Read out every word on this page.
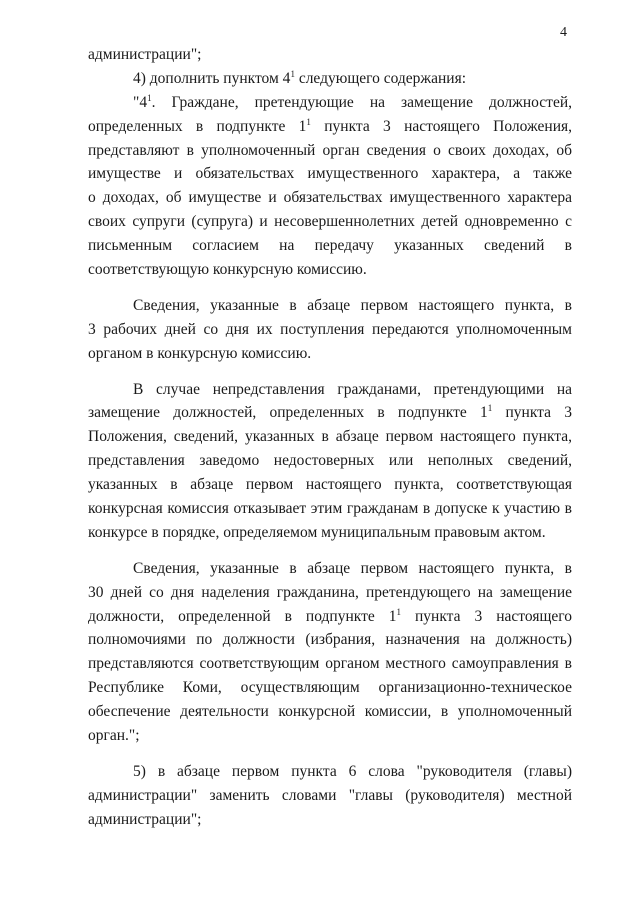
4
администрации";
4) дополнить пунктом $4^1$ следующего содержания:
"$4^1$. Граждане, претендующие на замещение должностей,
определенных в подпункте $1^1$ пункта 3 настоящего Положения,
представляют в уполномоченный орган сведения о своих доходах, об
имуществе и обязательствах имущественного характера, а также
о доходах, об имуществе и обязательствах имущественного характера
своих супруги (супруга) и несовершеннолетних детей одновременно с
письменным согласием на передачу указанных сведений в
соответствующую конкурсную комиссию.
Сведения, указанные в абзаце первом настоящего пункта, в
3 рабочих дней со дня их поступления передаются уполномоченным
органом в конкурсную комиссию.
В случае непредставления гражданами, претендующими на
замещение должностей, определенных в подпункте $1^1$ пункта 3
Положения, сведений, указанных в абзаце первом настоящего пункта,
представления заведомо недостоверных или неполных сведений,
указанных в абзаце первом настоящего пункта, соответствующая
конкурсная комиссия отказывает этим гражданам в допуске к участию в
конкурсе в порядке, определяемом муниципальным правовым актом.
Сведения, указанные в абзаце первом настоящего пункта, в
30 дней со дня наделения гражданина, претендующего на замещение
должности, определенной в подпункте $1^1$ пункта 3 настоящего
полномочиями по должности (избрания, назначения на должность)
представляются соответствующим органом местного самоуправления в
Республике Коми, осуществляющим организационно-техническое
обеспечение деятельности конкурсной комиссии, в уполномоченный
орган.";
5) в абзаце первом пункта 6 слова "руководителя (главы)
администрации" заменить словами "главы (руководителя) местной
администрации";
